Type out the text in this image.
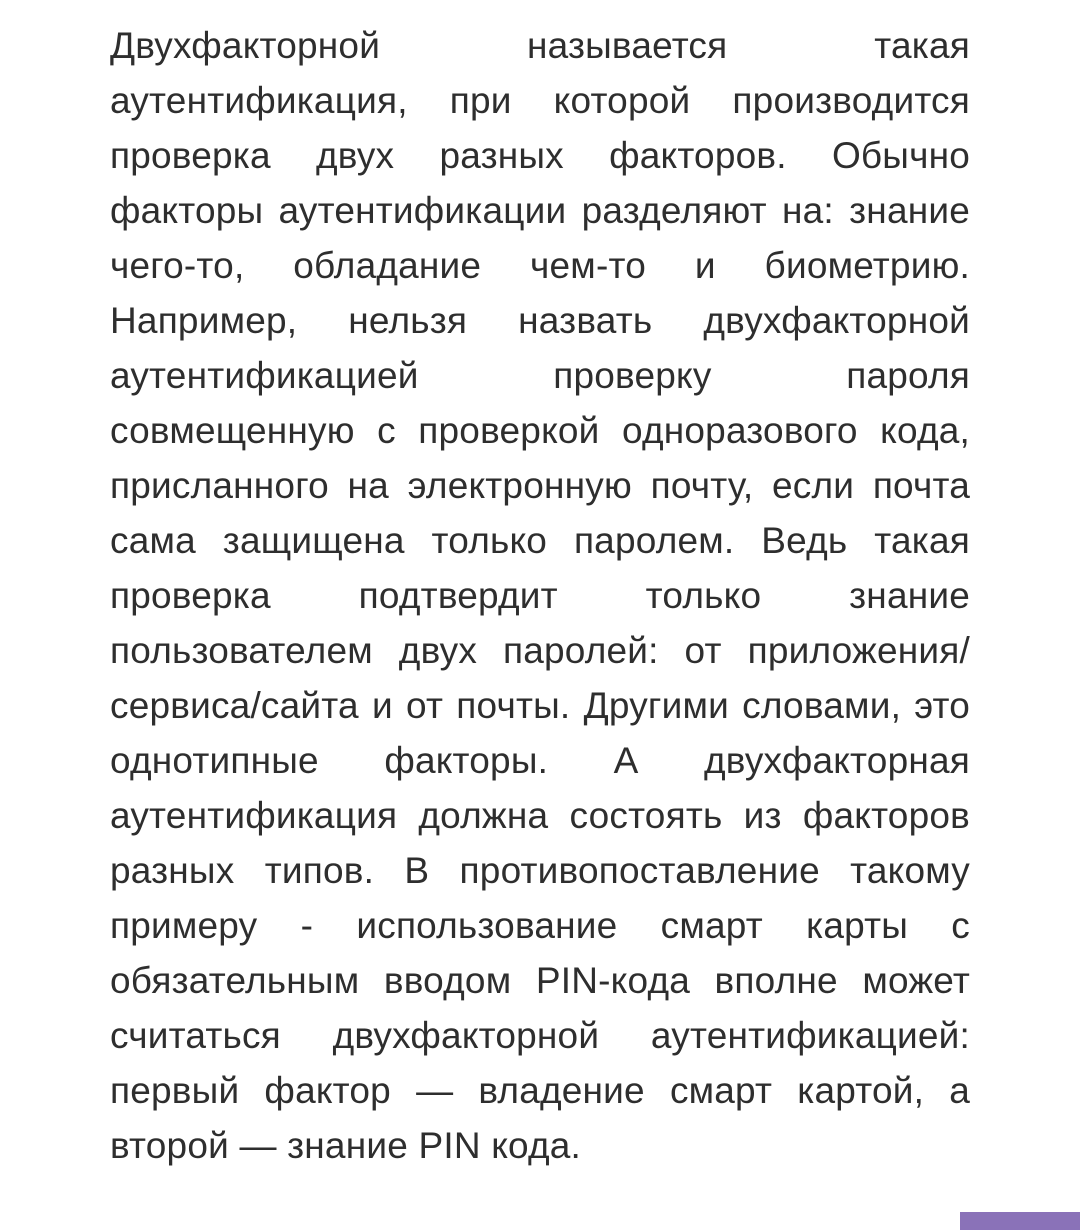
Двухфакторной называется такая аутентификация, при которой производится проверка двух разных факторов. Обычно факторы аутентификации разделяют на: знание чего-то, обладание чем-то и биометрию. Например, нельзя назвать двухфакторной аутентификацией проверку пароля совмещенную с проверкой одноразового кода, присланного на электронную почту, если почта сама защищена только паролем. Ведь такая проверка подтвердит только знание пользователем двух паролей: от приложения/ сервиса/сайта и от почты. Другими словами, это однотипные факторы. А двухфакторная аутентификация должна состоять из факторов разных типов. В противопоставление такому примеру - использование смарт карты с обязательным вводом PIN-кода вполне может считаться двухфакторной аутентификацией: первый фактор — владение смарт картой, а второй — знание PIN кода.
